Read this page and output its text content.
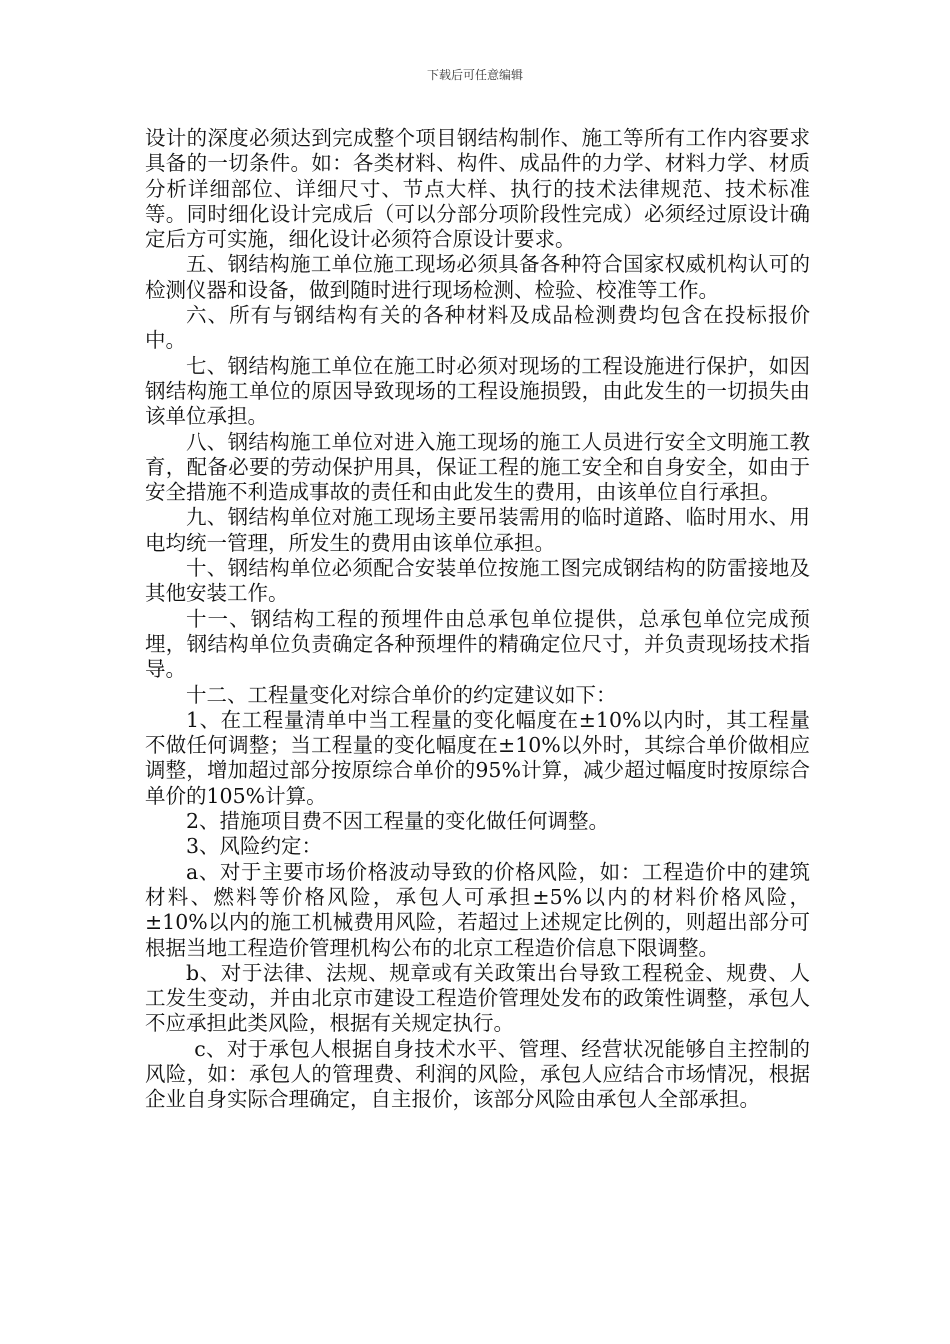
下载后可任意编辑

设计的深度必须达到完成整个项目钢结构制作、施工等所有工作内容要求具备的一切条件。如：各类材料、构件、成品件的力学、材料力学、材质分析详细部位、详细尺寸、节点大样、执行的技术法律规范、技术标准等。同时细化设计完成后（可以分部分项阶段性完成）必须经过原设计确定后方可实施，细化设计必须符合原设计要求。

五、钢结构施工单位施工现场必须具备各种符合国家权威机构认可的检测仪器和设备，做到随时进行现场检测、检验、校准等工作。

六、所有与钢结构有关的各种材料及成品检测费均包含在投标报价中。

七、钢结构施工单位在施工时必须对现场的工程设施进行保护，如因钢结构施工单位的原因导致现场的工程设施损毁，由此发生的一切损失由该单位承担。

八、钢结构施工单位对进入施工现场的施工人员进行安全文明施工教育，配备必要的劳动保护用具，保证工程的施工安全和自身安全，如由于安全措施不利造成事故的责任和由此发生的费用，由该单位自行承担。

九、钢结构单位对施工现场主要吊装需用的临时道路、临时用水、用电均统一管理，所发生的费用由该单位承担。

十、钢结构单位必须配合安装单位按施工图完成钢结构的防雷接地及其他安装工作。

十一、钢结构工程的预埋件由总承包单位提供，总承包单位完成预埋，钢结构单位负责确定各种预埋件的精确定位尺寸，并负责现场技术指导。

十二、工程量变化对综合单价的约定建议如下：

1、在工程量清单中当工程量的变化幅度在±10%以内时，其工程量不做任何调整；当工程量的变化幅度在±10%以外时，其综合单价做相应调整，增加超过部分按原综合单价的95%计算，减少超过幅度时按原综合单价的105%计算。

2、措施项目费不因工程量的变化做任何调整。

3、风险约定：

a、对于主要市场价格波动导致的价格风险，如：工程造价中的建筑材料、燃料等价格风险，承包人可承担±5%以内的材料价格风险，±10%以内的施工机械费用风险，若超过上述规定比例的，则超出部分可根据当地工程造价管理机构公布的北京工程造价信息下限调整。

b、对于法律、法规、规章或有关政策出台导致工程税金、规费、人工发生变动，并由北京市建设工程造价管理处发布的政策性调整，承包人不应承担此类风险，根据有关规定执行。

c、对于承包人根据自身技术水平、管理、经营状况能够自主控制的风险，如：承包人的管理费、利润的风险，承包人应结合市场情况，根据企业自身实际合理确定，自主报价，该部分风险由承包人全部承担。
